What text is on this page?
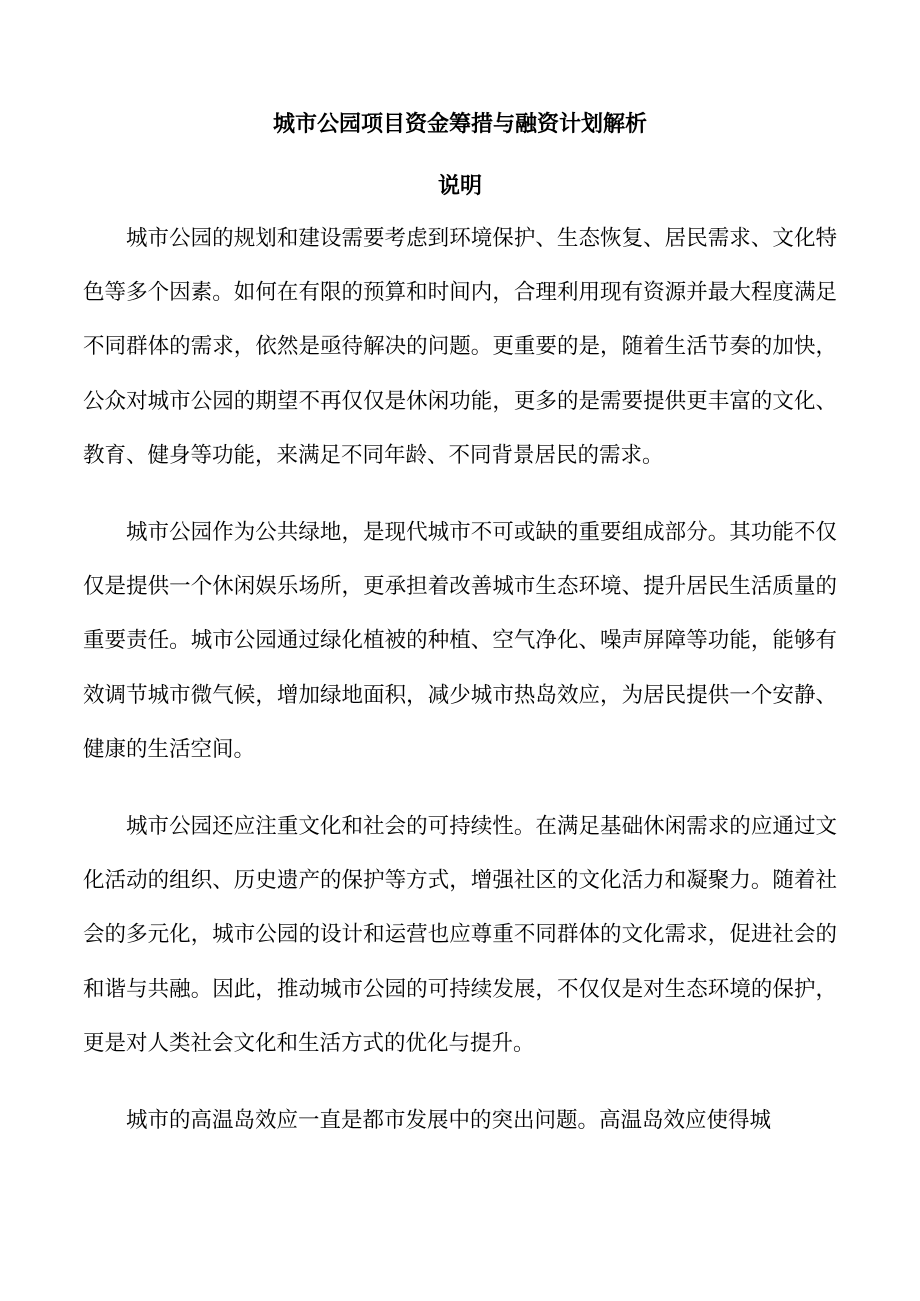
城市公园项目资金筹措与融资计划解析
说明

城市公园的规划和建设需要考虑到环境保护、生态恢复、居民需求、文化特色等多个因素。如何在有限的预算和时间内，合理利用现有资源并最大程度满足不同群体的需求，依然是亟待解决的问题。更重要的是，随着生活节奏的加快，公众对城市公园的期望不再仅仅是休闲功能，更多的是需要提供更丰富的文化、教育、健身等功能，来满足不同年龄、不同背景居民的需求。

城市公园作为公共绿地，是现代城市不可或缺的重要组成部分。其功能不仅仅是提供一个休闲娱乐场所，更承担着改善城市生态环境、提升居民生活质量的重要责任。城市公园通过绿化植被的种植、空气净化、噪声屏障等功能，能够有效调节城市微气候，增加绿地面积，减少城市热岛效应，为居民提供一个安静、健康的生活空间。

城市公园还应注重文化和社会的可持续性。在满足基础休闲需求的应通过文化活动的组织、历史遗产的保护等方式，增强社区的文化活力和凝聚力。随着社会的多元化，城市公园的设计和运营也应尊重不同群体的文化需求，促进社会的和谐与共融。因此，推动城市公园的可持续发展，不仅仅是对生态环境的保护，更是对人类社会文化和生活方式的优化与提升。

城市的高温岛效应一直是都市发展中的突出问题。高温岛效应使得城
